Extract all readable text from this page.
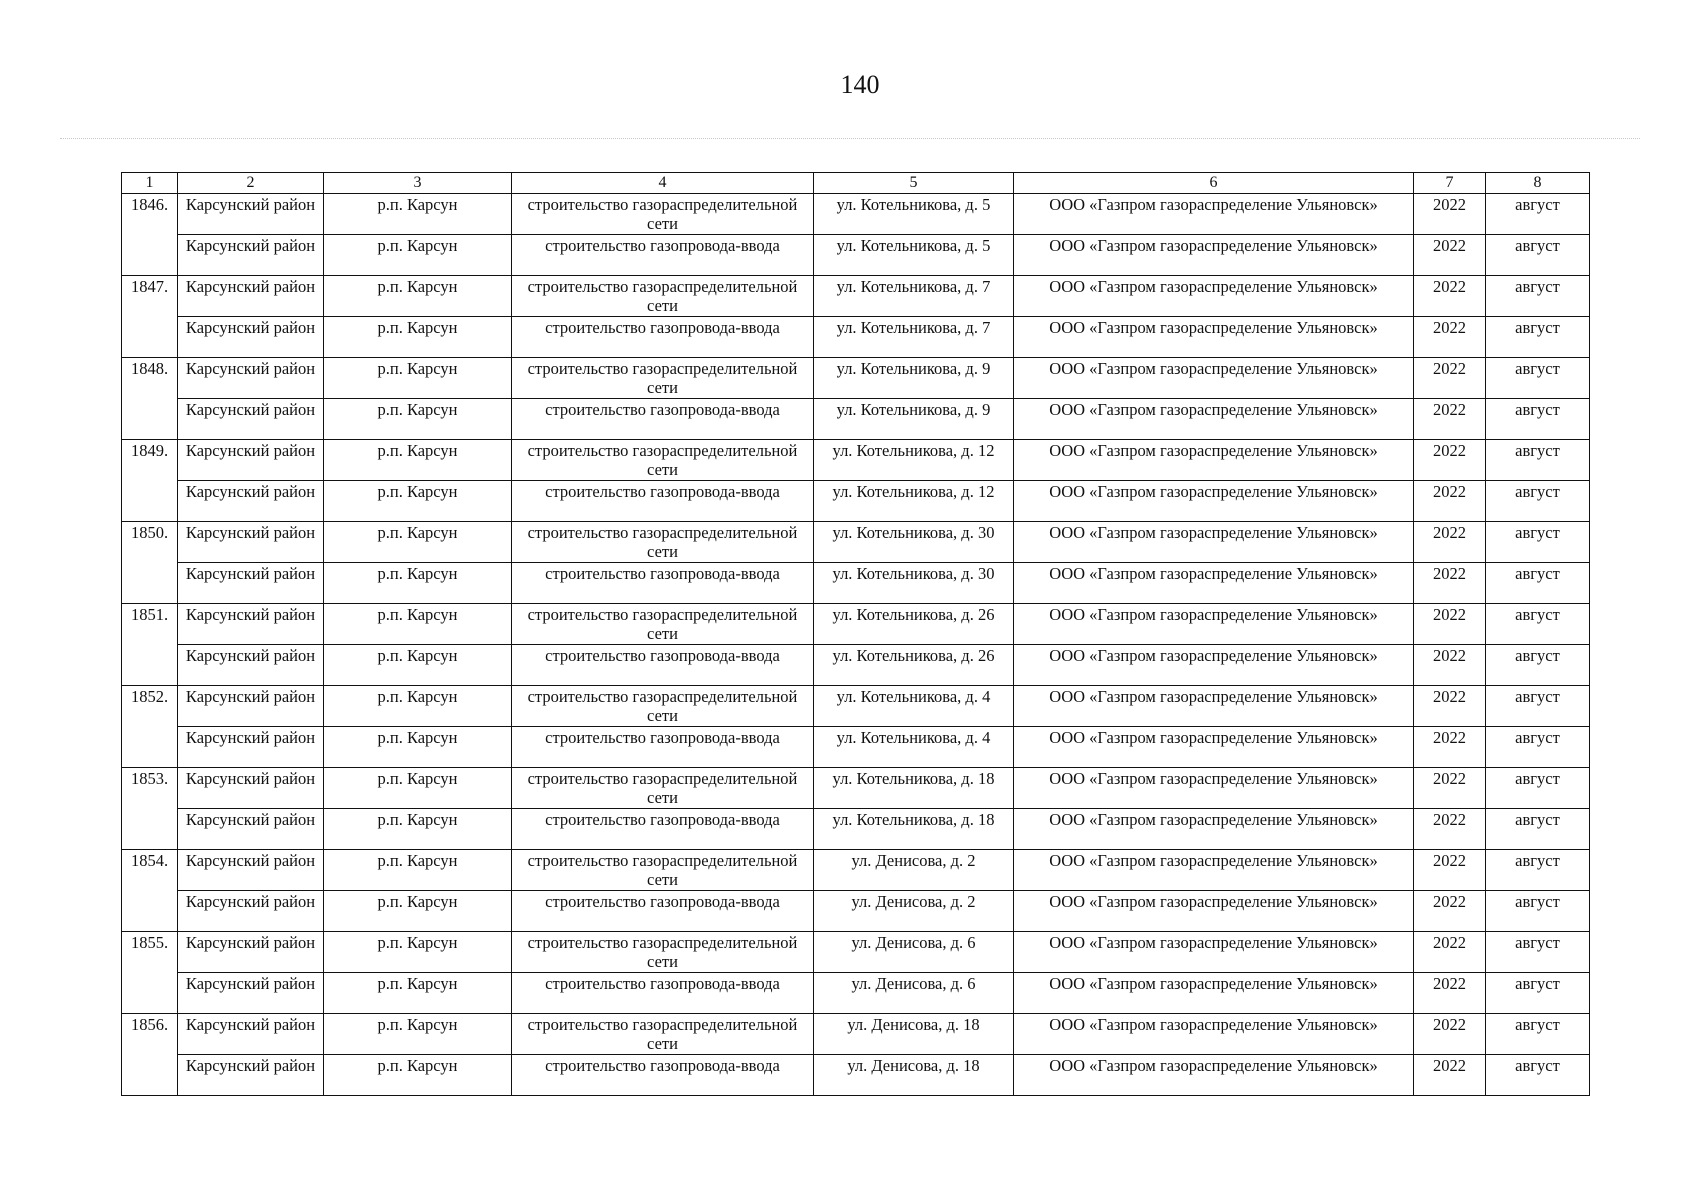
140
1	2	3	4	5	6	7	8
1846.	Карсунский район	р.п. Карсун	строительство газораспределительной сети	ул. Котельникова, д. 5	ООО «Газпром газораспределение Ульяновск»	2022	август
	Карсунский район	р.п. Карсун	строительство газопровода-ввода	ул. Котельникова, д. 5	ООО «Газпром газораспределение Ульяновск»	2022	август
1847.	Карсунский район	р.п. Карсун	строительство газораспределительной сети	ул. Котельникова, д. 7	ООО «Газпром газораспределение Ульяновск»	2022	август
	Карсунский район	р.п. Карсун	строительство газопровода-ввода	ул. Котельникова, д. 7	ООО «Газпром газораспределение Ульяновск»	2022	август
1848.	Карсунский район	р.п. Карсун	строительство газораспределительной сети	ул. Котельникова, д. 9	ООО «Газпром газораспределение Ульяновск»	2022	август
	Карсунский район	р.п. Карсун	строительство газопровода-ввода	ул. Котельникова, д. 9	ООО «Газпром газораспределение Ульяновск»	2022	август
1849.	Карсунский район	р.п. Карсун	строительство газораспределительной сети	ул. Котельникова, д. 12	ООО «Газпром газораспределение Ульяновск»	2022	август
	Карсунский район	р.п. Карсун	строительство газопровода-ввода	ул. Котельникова, д. 12	ООО «Газпром газораспределение Ульяновск»	2022	август
1850.	Карсунский район	р.п. Карсун	строительство газораспределительной сети	ул. Котельникова, д. 30	ООО «Газпром газораспределение Ульяновск»	2022	август
	Карсунский район	р.п. Карсун	строительство газопровода-ввода	ул. Котельникова, д. 30	ООО «Газпром газораспределение Ульяновск»	2022	август
1851.	Карсунский район	р.п. Карсун	строительство газораспределительной сети	ул. Котельникова, д. 26	ООО «Газпром газораспределение Ульяновск»	2022	август
	Карсунский район	р.п. Карсун	строительство газопровода-ввода	ул. Котельникова, д. 26	ООО «Газпром газораспределение Ульяновск»	2022	август
1852.	Карсунский район	р.п. Карсун	строительство газораспределительной сети	ул. Котельникова, д. 4	ООО «Газпром газораспределение Ульяновск»	2022	август
	Карсунский район	р.п. Карсун	строительство газопровода-ввода	ул. Котельникова, д. 4	ООО «Газпром газораспределение Ульяновск»	2022	август
1853.	Карсунский район	р.п. Карсун	строительство газораспределительной сети	ул. Котельникова, д. 18	ООО «Газпром газораспределение Ульяновск»	2022	август
	Карсунский район	р.п. Карсун	строительство газопровода-ввода	ул. Котельникова, д. 18	ООО «Газпром газораспределение Ульяновск»	2022	август
1854.	Карсунский район	р.п. Карсун	строительство газораспределительной сети	ул. Денисова, д. 2	ООО «Газпром газораспределение Ульяновск»	2022	август
	Карсунский район	р.п. Карсун	строительство газопровода-ввода	ул. Денисова, д. 2	ООО «Газпром газораспределение Ульяновск»	2022	август
1855.	Карсунский район	р.п. Карсун	строительство газораспределительной сети	ул. Денисова, д. 6	ООО «Газпром газораспределение Ульяновск»	2022	август
	Карсунский район	р.п. Карсун	строительство газопровода-ввода	ул. Денисова, д. 6	ООО «Газпром газораспределение Ульяновск»	2022	август
1856.	Карсунский район	р.п. Карсун	строительство газораспределительной сети	ул. Денисова, д. 18	ООО «Газпром газораспределение Ульяновск»	2022	август
	Карсунский район	р.п. Карсун	строительство газопровода-ввода	ул. Денисова, д. 18	ООО «Газпром газораспределение Ульяновск»	2022	август
